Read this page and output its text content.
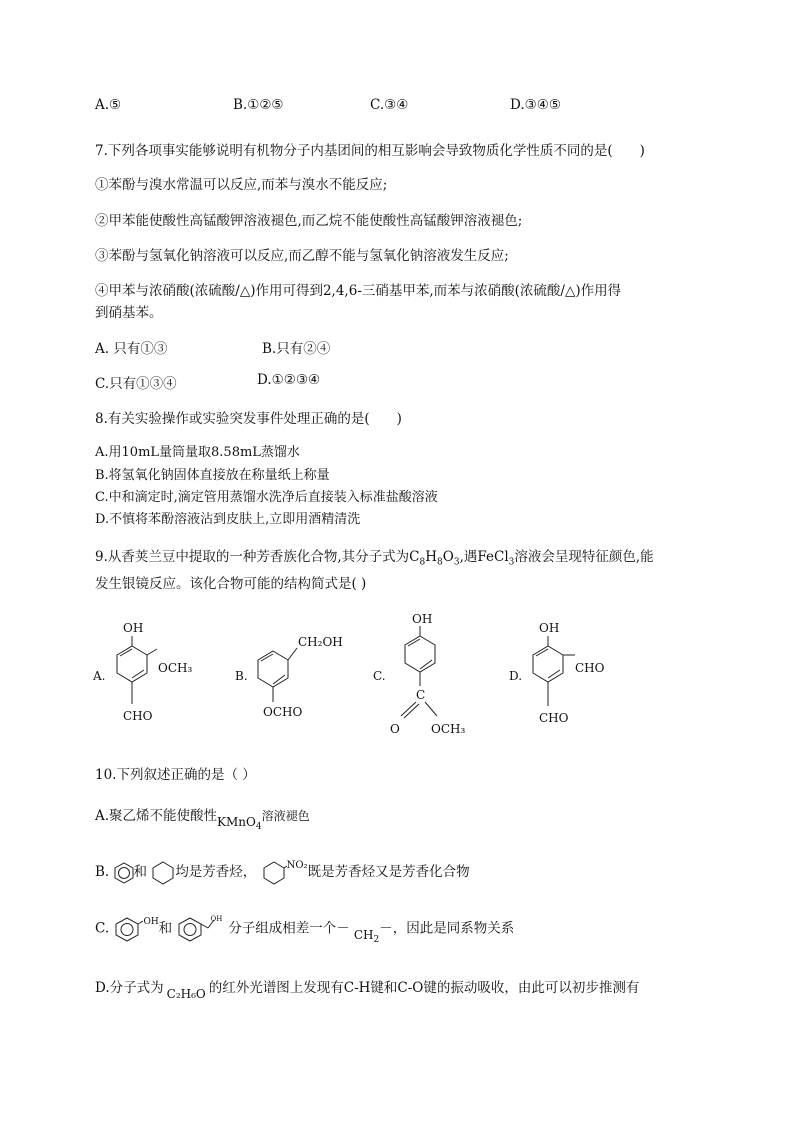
A.⑤	B.①②⑤	C.③④	D.③④⑤
7.下列各项事实能够说明有机物分子内基团间的相互影响会导致物质化学性质不同的是(　　)
①苯酚与溴水常温可以反应,而苯与溴水不能反应;
②甲苯能使酸性高锰酸钾溶液褪色,而乙烷不能使酸性高锰酸钾溶液褪色;
③苯酚与氢氧化钠溶液可以反应,而乙醇不能与氢氧化钠溶液发生反应;
④甲苯与浓硝酸(浓硫酸/△)作用可得到2,4,6-三硝基甲苯,而苯与浓硝酸(浓硫酸/△)作用得
到硝基苯。
A. 只有①③	B.只有②④
C.只有①③④	D.①②③④
8.有关实验操作或实验突发事件处理正确的是(　　)
A.用10mL量筒量取8.58mL蒸馏水
B.将氢氧化钠固体直接放在称量纸上称量
C.中和滴定时,滴定管用蒸馏水洗净后直接装入标准盐酸溶液
D.不慎将苯酚溶液沾到皮肤上,立即用酒精清洗
9.从香荚兰豆中提取的一种芳香族化合物,其分子式为$C_8H_8O_3$,遇FeCl$_3$溶液会呈现特征颜色,能
发生银镜反应。该化合物可能的结构简式是( )
A.
OH
OCH₃
CHO
B.
CH₂OH
OCHO
C.
OH
C
O	OCH₃
D.
OH
CHO
CHO
10.下列叙述正确的是（ ）
A.聚乙烯不能使酸性KMnO$_4$溶液褪色
B. 和 均是芳香烃，	$^{NO_2}$既是芳香烃又是芳香化合物
C.	$^{OH}$和 $^{OH}$分子组成相差一个－ $CH_2-$，因此是同系物关系
D.分子式为 C₂H₆O 的红外光谱图上发现有C-H键和C-O键的振动吸收，由此可以初步推测有
